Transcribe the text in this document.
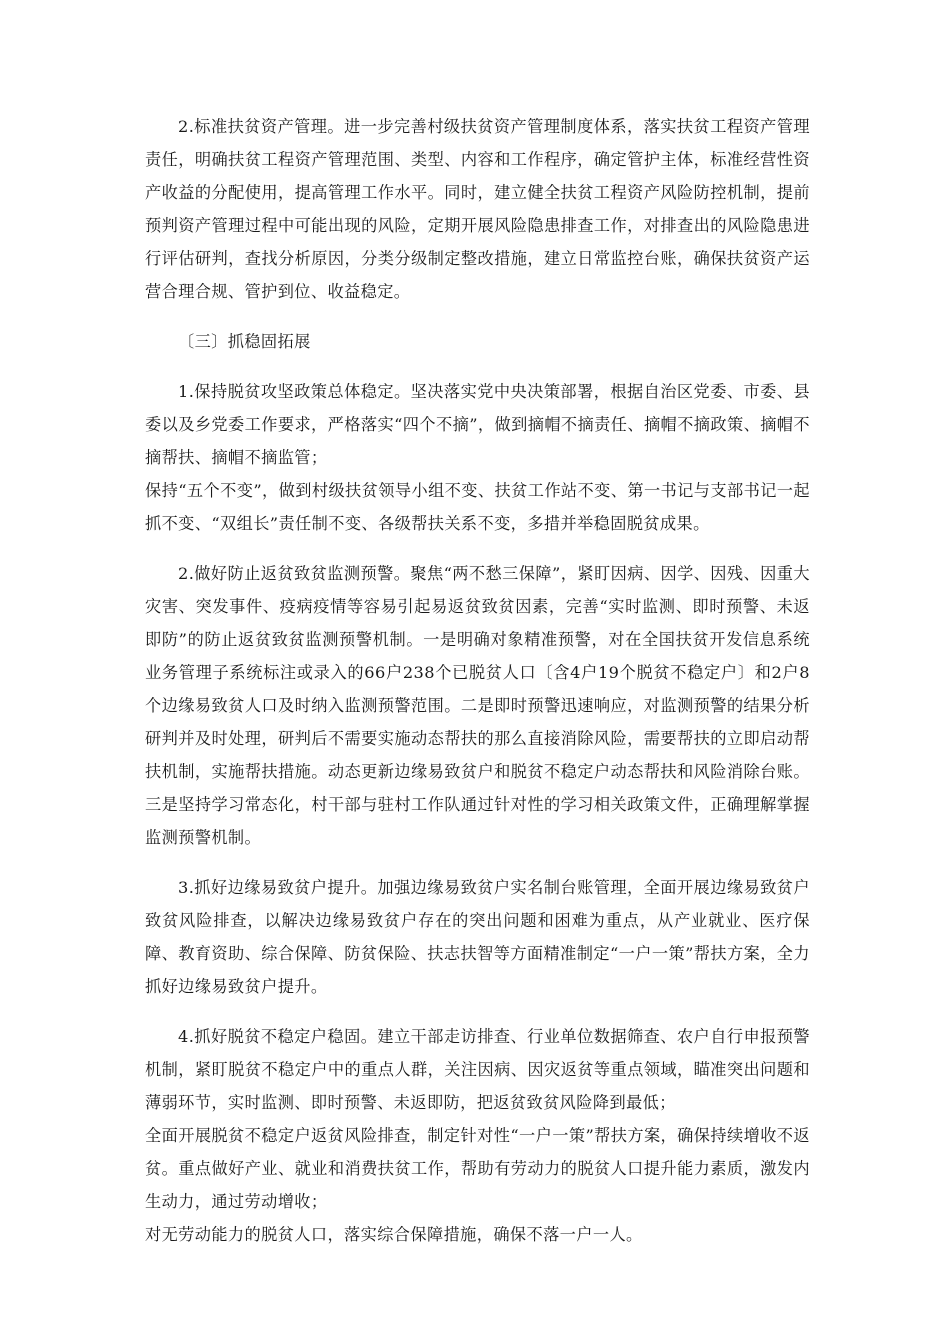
2.标准扶贫资产管理。进一步完善村级扶贫资产管理制度体系，落实扶贫工程资产管理责任，明确扶贫工程资产管理范围、类型、内容和工作程序，确定管护主体，标准经营性资产收益的分配使用，提高管理工作水平。同时，建立健全扶贫工程资产风险防控机制，提前预判资产管理过程中可能出现的风险，定期开展风险隐患排查工作，对排查出的风险隐患进行评估研判，查找分析原因，分类分级制定整改措施，建立日常监控台账，确保扶贫资产运营合理合规、管护到位、收益稳定。

〔三〕抓稳固拓展

1.保持脱贫攻坚政策总体稳定。坚决落实党中央决策部署，根据自治区党委、市委、县委以及乡党委工作要求，严格落实“四个不摘”，做到摘帽不摘责任、摘帽不摘政策、摘帽不摘帮扶、摘帽不摘监管；

保持“五个不变”，做到村级扶贫领导小组不变、扶贫工作站不变、第一书记与支部书记一起抓不变、“双组长”责任制不变、各级帮扶关系不变，多措并举稳固脱贫成果。

2.做好防止返贫致贫监测预警。聚焦“两不愁三保障”，紧盯因病、因学、因残、因重大灾害、突发事件、疫病疫情等容易引起易返贫致贫因素，完善“实时监测、即时预警、未返即防”的防止返贫致贫监测预警机制。一是明确对象精准预警，对在全国扶贫开发信息系统业务管理子系统标注或录入的66户238个已脱贫人口〔含4户19个脱贫不稳定户〕和2户8个边缘易致贫人口及时纳入监测预警范围。二是即时预警迅速响应，对监测预警的结果分析研判并及时处理，研判后不需要实施动态帮扶的那么直接消除风险，需要帮扶的立即启动帮扶机制，实施帮扶措施。动态更新边缘易致贫户和脱贫不稳定户动态帮扶和风险消除台账。三是坚持学习常态化，村干部与驻村工作队通过针对性的学习相关政策文件，正确理解掌握监测预警机制。

3.抓好边缘易致贫户提升。加强边缘易致贫户实名制台账管理，全面开展边缘易致贫户致贫风险排查，以解决边缘易致贫户存在的突出问题和困难为重点，从产业就业、医疗保障、教育资助、综合保障、防贫保险、扶志扶智等方面精准制定“一户一策”帮扶方案，全力抓好边缘易致贫户提升。

4.抓好脱贫不稳定户稳固。建立干部走访排查、行业单位数据筛查、农户自行申报预警机制，紧盯脱贫不稳定户中的重点人群，关注因病、因灾返贫等重点领域，瞄准突出问题和薄弱环节，实时监测、即时预警、未返即防，把返贫致贫风险降到最低；

全面开展脱贫不稳定户返贫风险排查，制定针对性“一户一策”帮扶方案，确保持续增收不返贫。重点做好产业、就业和消费扶贫工作，帮助有劳动力的脱贫人口提升能力素质，激发内生动力，通过劳动增收；

对无劳动能力的脱贫人口，落实综合保障措施，确保不落一户一人。
